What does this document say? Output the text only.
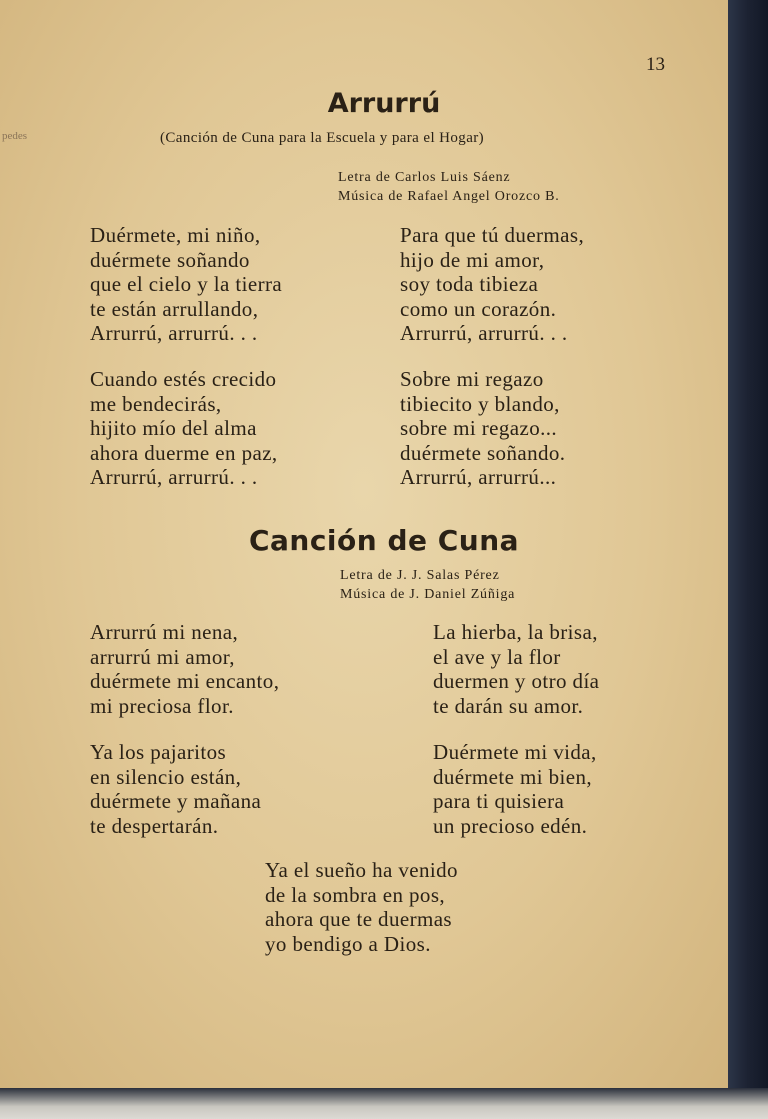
pedes
13
Arrurrú
(Canción de Cuna para la Escuela y para el Hogar)
Letra de Carlos Luis Sáenz
Música de Rafael Angel Orozco B.
Duérmete, mi niño,
duérmete soñando
que el cielo y la tierra
te están arrullando,
Arrurrú, arrurrú. . .
Para que tú duermas,
hijo de mi amor,
soy toda tibieza
como un corazón.
Arrurrú, arrurrú. . .
Cuando estés crecido
me bendecirás,
hijito mío del alma
ahora duerme en paz,
Arrurrú, arrurrú. . .
Sobre mi regazo
tibiecito y blando,
sobre mi regazo...
duérmete soñando.
Arrurrú, arrurrú...
Canción de Cuna
Letra de J. J. Salas Pérez
Música de J. Daniel Zúñiga
Arrurrú mi nena,
arrurrú mi amor,
duérmete mi encanto,
mi preciosa flor.
La hierba, la brisa,
el ave y la flor
duermen y otro día
te darán su amor.
Ya los pajaritos
en silencio están,
duérmete y mañana
te despertarán.
Duérmete mi vida,
duérmete mi bien,
para ti quisiera
un precioso edén.
Ya el sueño ha venido
de la sombra en pos,
ahora que te duermas
yo bendigo a Dios.
